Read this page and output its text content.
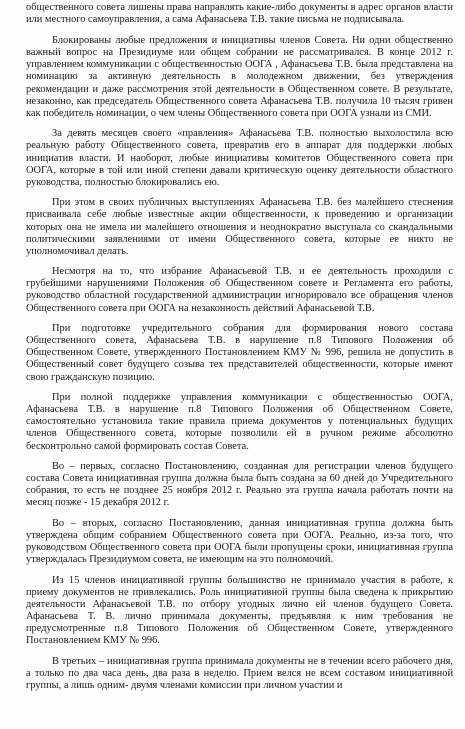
общественного совета лишены права направлять какие-либо документы в адрес органов власти или местного самоуправления, а сама Афанасьева Т.В. такие письма не подписывала.

Блокированы любые предложения и инициативы членов Совета. Ни одни общественно важный вопрос на Президиуме или общем собрании не рассматривался. В конце 2012 г. управлением коммуникации с общественностью ООГА , Афанасьева Т.В. была представлена на номинацию за активную деятельность в молодежном движении, без утверждения рекомендации и даже рассмотрения этой деятельности в Общественном совете. В результате, незаконно, как председатель Общественного совета Афанасьева Т.В. получила 10 тысяч гривен как победитель номинации, о чем члены Общественного совета при ООГА узнали из СМИ.

За девять месяцев своего «правления» Афанасьева Т.В. полностью выхолостила всю реальную работу Общественного совета, превратив его в аппарат для поддержки любых инициатив власти. И наоборот, любые инициативы комитетов Общественного совета при ООГА, которые в той или иной степени давали критическую оценку деятельности областного руководства, полностью блокировались ею.

При этом в своих публичных выступлениях Афанасьева Т.В. без малейшего стеснения присваивала себе любые известные акции общественности, к проведению и организации которых она не имела ни малейшего отношения и неоднократно выступала со скандальными политическими заявлениями от имени Общественного совета, которые ее никто не уполномочивал делать.

Несмотря на то, что избрание Афанасьевой Т.В. и ее деятельность проходили с грубейшими нарушениями Положения об Общественном совете и Регламента его работы, руководство областной государственной администрации игнорировало все обращения членов Общественного совета при ООГА на незаконность действий Афанасьевой Т.В.

При подготовке учредительного собрания для формирования нового состава Общественного совета, Афанасьева Т.В. в нарушение п.8 Типового Положения об Общественном Совете, утвержденного Постановлением КМУ № 996, решила не допустить в Общественный совет будущего созыва тех представителей общественности, которые имеют свою гражданскую позицию.

При полной поддержке управления коммуникации с общественностью ООГА, Афанасьева Т.В. в нарушение п.8 Типового Положения об Общественном Совете, самостоятельно установила такие правила приема документов у потенциальных будущих членов Общественного совета, которые позволили ей в ручном режиме абсолютно бесконтрольно самой формировать состав Совета.

Во – первых, согласно Постановлению, созданная для регистрации членов будущего состава Совета инициативная группа должна была быть создана за 60 дней до Учредительного собрания, то есть не позднее 25 ноября 2012 г. Реально эта группа начала работать почти на месяц позже - 15 декабря 2012 г.

Во – вторых, согласно Постановлению, данная инициативная группа должна быть утверждена общим собранием Общественного совета при ООГА. Реально, из-за того, что руководством Общественного совета при ООГА были пропущены сроки, инициативная группа утверждалась Президиумом совета, не имеющим на это полномочий.

Из 15 членов инициативной группы большинство не принимало участия в работе, к приему документов не привлекались. Роль инициативной группы была сведена к прикрытию деятельности Афанасьевой Т.В. по отбору угодных лично ей членов будущего Совета. Афанасьева Т. В. лично принимала документы, предъявляя к ним требования не предусмотренные п.8 Типового Положения об Общественном Совете, утвержденного Постановлением КМУ № 996.

В третьих – инициативная группа принимала документы не в течении всего рабочего дня, а только по два часа день, два раза в неделю. Прием велся не всем составом инициативной группы, а лишь одним- двумя членами комиссии при личном участии и
